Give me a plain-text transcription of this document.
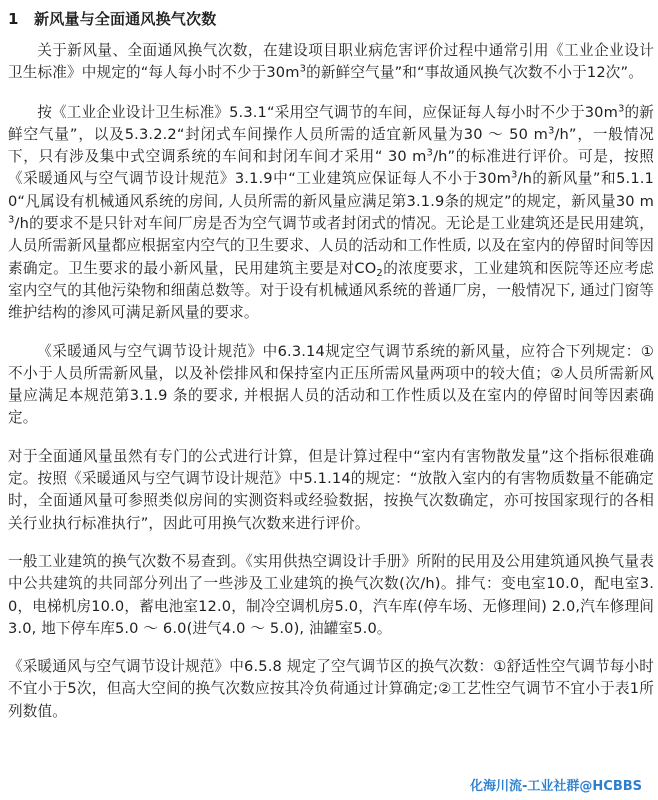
1 新风量与全面通风换气次数

关于新风量、全面通风换气次数，在建设项目职业病危害评价过程中通常引用《工业企业设计卫生标准》中规定的“每人每小时不少于$30m^3$的新鲜空气量”和“事故通风换气次数不小于12次”。

按《工业企业设计卫生标准》5.3.1“采用空气调节的车间，应保证每人每小时不少于$30m^3$的新鲜空气量”，以及5.3.2.2“封闭式车间操作人员所需的适宜新风量为30 ～ 50 $m^3/h$”，一般情况下，只有涉及集中式空调系统的车间和封闭车间才采用“ 30 $m^3/h$”的标准进行评价。可是，按照《采暖通风与空气调节设计规范》3.1.9中“工业建筑应保证每人不小于$30m^3/h$的新风量”和5.1.10“凡属设有机械通风系统的房间, 人员所需的新风量应满足第3.1.9条的规定”的规定，新风量30 $m^3/h$的要求不是只针对车间厂房是否为空气调节或者封闭式的情况。无论是工业建筑还是民用建筑，人员所需新风量都应根据室内空气的卫生要求、人员的活动和工作性质, 以及在室内的停留时间等因素确定。卫生要求的最小新风量，民用建筑主要是对$CO_2$的浓度要求，工业建筑和医院等还应考虑室内空气的其他污染物和细菌总数等。对于设有机械通风系统的普通厂房，一般情况下, 通过门窗等维护结构的渗风可满足新风量的要求。

《采暖通风与空气调节设计规范》中6.3.14规定空气调节系统的新风量，应符合下列规定：①不小于人员所需新风量，以及补偿排风和保持室内正压所需风量两项中的较大值；②人员所需新风量应满足本规范第3.1.9 条的要求, 并根据人员的活动和工作性质以及在室内的停留时间等因素确定。

对于全面通风量虽然有专门的公式进行计算，但是计算过程中“室内有害物散发量”这个指标很难确定。按照《采暖通风与空气调节设计规范》中5.1.14的规定：“放散入室内的有害物质数量不能确定时，全面通风量可参照类似房间的实测资料或经验数据，按换气次数确定，亦可按国家现行的各相关行业执行标准执行”，因此可用换气次数来进行评价。

一般工业建筑的换气次数不易查到。《实用供热空调设计手册》所附的民用及公用建筑通风换气量表中公共建筑的共同部分列出了一些涉及工业建筑的换气次数(次/h)。排气：变电室10.0，配电室3.0，电梯机房10.0，蓄电池室12.0，制冷空调机房5.0，汽车库(停车场、无修理间) 2.0,汽车修理间3.0, 地下停车库5.0 ～ 6.0(进气4.0 ～ 5.0), 油罐室5.0。

《采暖通风与空气调节设计规范》中6.5.8 规定了空气调节区的换气次数：①舒适性空气调节每小时不宜小于5次，但高大空间的换气次数应按其冷负荷通过计算确定;②工艺性空气调节不宜小于表1所列数值。

化海川流-工业社群@HCBBS
